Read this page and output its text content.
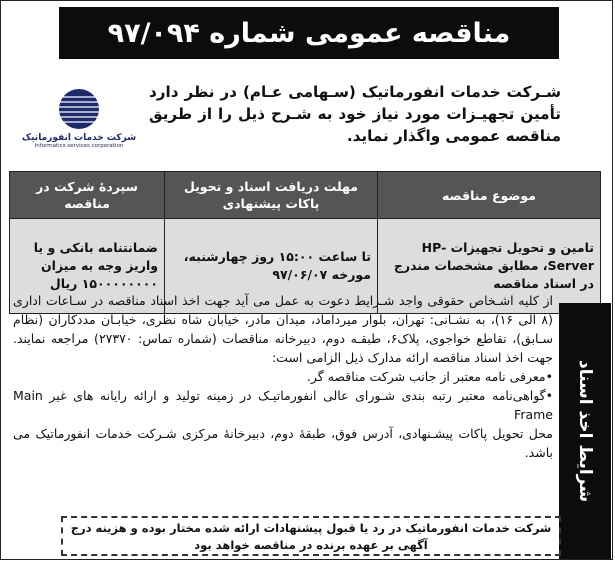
مناقصه عمومی شماره ۹۷/۰۹۴
شرکت خدمات انفورماتیک
Informatics services corporation
شـرکت خدمات انفورماتیک (سـهامی عـام) در نظر دارد تأمین تجهیـزات مورد نیاز خود به شـرح ذیل را از طریق مناقصه عمومی واگذار نماید.
موضوع مناقصه	مهلت دریافت اسناد و تحویل پاکات پیشنهادی	سپردهٔ شرکت در مناقصه
تامین و تحویل تجهیزات HP-Server، مطابق مشخصات مندرج در اسناد مناقصه	تا ساعت ۱۵:۰۰ روز چهارشنبه، مورخه ۹۷/۰۶/۰۷	ضمانتنامه بانکی و یا واریز وجه به میزان ۱۵۰۰۰۰۰۰۰۰ ریال
شرایط اخذ اسناد

از کلیه اشـخاص حقوقی واجد شـرایط دعوت به عمل می آید جهت اخذ اسناد مناقصه در سـاعات اداری (۸ الی ۱۶)، به نشـانی: تهران، بلوار میرداماد، میدان مادر، خیابان شاه نظری، خیابـان مددکاران (نظام سـابق)، تقاطع خواجوی، پلاک۶، طبقـه دوم، دبیرخانه مناقصات (شماره تماس: ۲۷۳۷۰) مراجعه نمایند. جهت اخذ اسناد مناقصه ارائه مدارک ذیل الزامی است:

•معرفی نامه معتبر از جانب شرکت مناقصه گر.

•گواهی‌نامه معتبر رتبه بندی شـورای عالی انفورماتیـک در زمینه تولید و ارائه رایانه های غیر Main Frame

محل تحویل پاکات پیشـنهادی، آدرس فوق، طبقهٔ دوم، دبیرخانهٔ مرکزی شـرکت خدمات انفورماتیک می باشد.

شرکت خدمات انفورماتیک در رد یا قبول پیشنهادات ارائه شده مختار بوده و هزینه درج آگهی بر عهده برنده در مناقصه خواهد بود
